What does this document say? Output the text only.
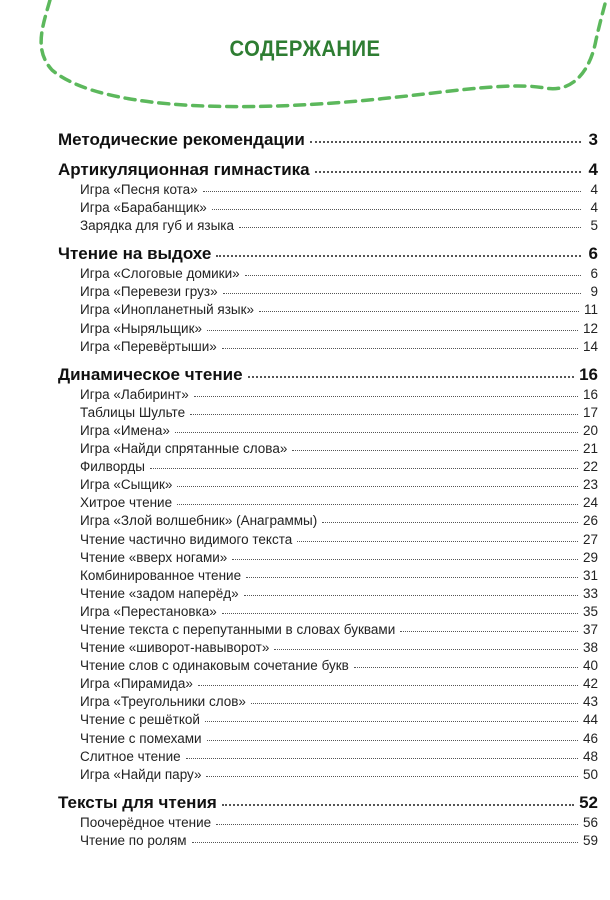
СОДЕРЖАНИЕ
Методические рекомендации	3
Артикуляционная гимнастика	4
Игра «Песня кота»	4
Игра «Барабанщик»	4
Зарядка для губ и языка	5
Чтение на выдохе	6
Игра «Слоговые домики»	6
Игра «Перевези груз»	9
Игра «Инопланетный язык»	11
Игра «Ныряльщик»	12
Игра «Перевёртыши»	14
Динамическое чтение	16
Игра «Лабиринт»	16
Таблицы Шульте	17
Игра «Имена»	20
Игра «Найди спрятанные слова»	21
Филворды	22
Игра «Сыщик»	23
Хитрое чтение	24
Игра «Злой волшебник» (Анаграммы)	26
Чтение частично видимого текста	27
Чтение «вверх ногами»	29
Комбинированное чтение	31
Чтение «задом наперёд»	33
Игра «Перестановка»	35
Чтение текста с перепутанными в словах буквами	37
Чтение «шиворот-навыворот»	38
Чтение слов с одинаковым сочетание букв	40
Игра «Пирамида»	42
Игра «Треугольники слов»	43
Чтение с решёткой	44
Чтение с помехами	46
Слитное чтение	48
Игра «Найди пару»	50
Тексты для чтения	52
Поочерёдное чтение	56
Чтение по ролям	59
